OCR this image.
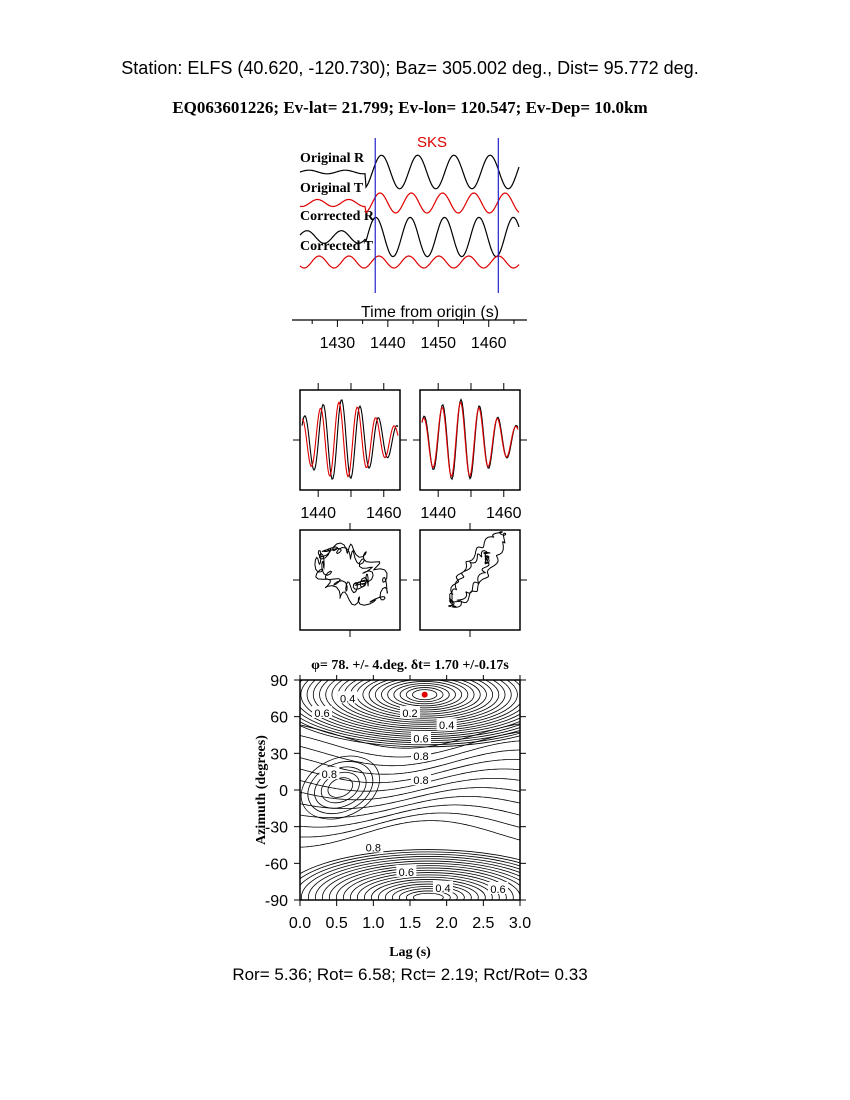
Station: ELFS (40.620, -120.730); Baz= 305.002 deg., Dist= 95.772 deg.
EQ063601226; Ev-lat= 21.799; Ev-lon= 120.547; Ev-Dep= 10.0km
SKS
Original R
Original T
Corrected R
Corrected T
Time from origin (s)
1430 1440 1450 1460
1440 1460 1440 1460
φ= 78. +/- 4.deg. δt= 1.70 +/-0.17s
0.4
0.6	0.2
0.4
0.6
0.8
0.8
0.8
0.8
0.6
0.4	0.6
0.0 0.5 1.0 1.5 2.0 2.5 3.0
90
60
30
0
-30
-60
-90
Azimuth (degrees)
Lag (s)
Ror= 5.36; Rot= 6.58; Rct= 2.19; Rct/Rot= 0.33
